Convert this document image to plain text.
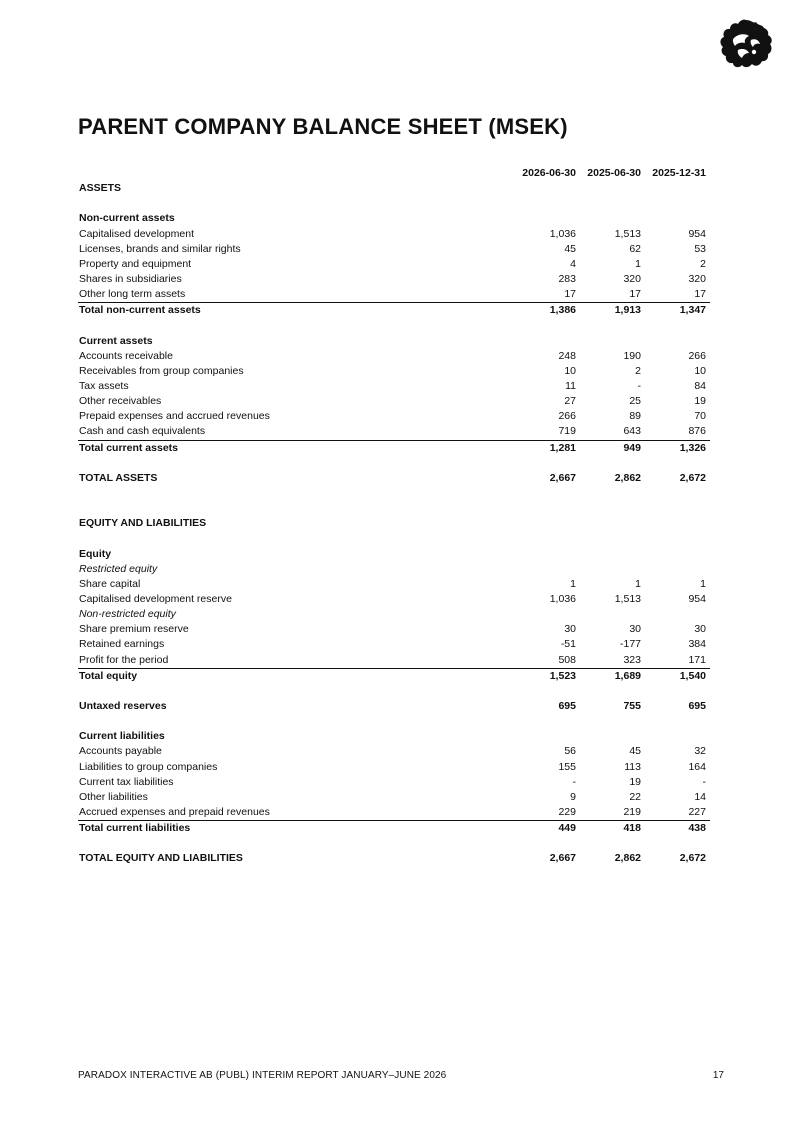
PARENT COMPANY BALANCE SHEET (MSEK)
	2026-06-30	2025-06-30	2025-12-31
ASSETS			

Non-current assets			
Capitalised development	1,036	1,513	954
Licenses, brands and similar rights	45	62	53
Property and equipment	4	1	2
Shares in subsidiaries	283	320	320
Other long term assets	17	17	17
Total non-current assets	1,386	1,913	1,347

Current assets			
Accounts receivable	248	190	266
Receivables from group companies	10	2	10
Tax assets	11	-	84
Other receivables	27	25	19
Prepaid expenses and accrued revenues	266	89	70
Cash and cash equivalents	719	643	876
Total current assets	1,281	949	1,326

TOTAL ASSETS	2,667	2,862	2,672

EQUITY AND LIABILITIES			

Equity			
Restricted equity			
Share capital	1	1	1
Capitalised development reserve	1,036	1,513	954
Non-restricted equity			
Share premium reserve	30	30	30
Retained earnings	-51	-177	384
Profit for the period	508	323	171
Total equity	1,523	1,689	1,540

Untaxed reserves	695	755	695

Current liabilities			
Accounts payable	56	45	32
Liabilities to group companies	155	113	164
Current tax liabilities	-	19	-
Other liabilities	9	22	14
Accrued expenses and prepaid revenues	229	219	227
Total current liabilities	449	418	438

TOTAL EQUITY AND LIABILITIES	2,667	2,862	2,672
PARADOX INTERACTIVE AB (PUBL) INTERIM REPORT JANUARY–JUNE 2026	17
